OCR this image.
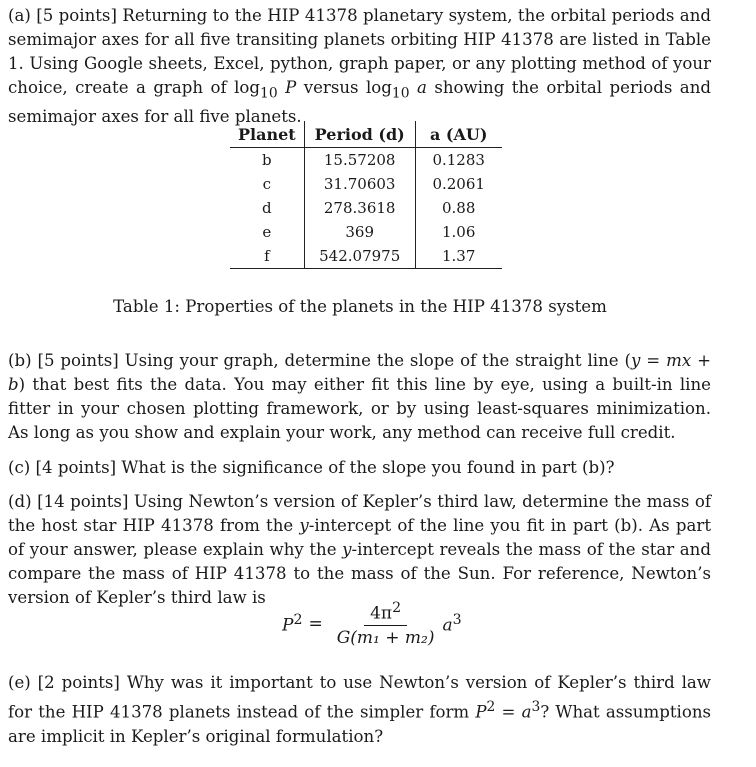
(a) [5 points] Returning to the HIP 41378 planetary system, the orbital periods and semimajor axes for all five transiting planets orbiting HIP 41378 are listed in Table 1. Using Google sheets, Excel, python, graph paper, or any plotting method of your choice, create a graph of $\log_{10} P$ versus $\log_{10} a$ showing the orbital periods and semimajor axes for all five planets.
Planet	Period (d)	a (AU)
b	15.57208	0.1283
c	31.70603	0.2061
d	278.3618	0.88
e	369	1.06
f	542.07975	1.37
Table 1: Properties of the planets in the HIP 41378 system
(b) [5 points] Using your graph, determine the slope of the straight line (y = mx + b) that best fits the data. You may either fit this line by eye, using a built-in line fitter in your chosen plotting framework, or by using least-squares minimization. As long as you show and explain your work, any method can receive full credit.
(c) [4 points] What is the significance of the slope you found in part (b)?
(d) [14 points] Using Newton’s version of Kepler’s third law, determine the mass of the host star HIP 41378 from the y-intercept of the line you fit in part (b). As part of your answer, please explain why the y-intercept reveals the mass of the star and compare the mass of HIP 41378 to the mass of the Sun. For reference, Newton’s version of Kepler’s third law is
$P^2 = \frac{4\pi^2}{\text{G(m₁ + m₂)}} a^3$
(e) [2 points] Why was it important to use Newton’s version of Kepler’s third law for the HIP 41378 planets instead of the simpler form $P^2 = a^3$? What assumptions are implicit in Kepler’s original formulation?
